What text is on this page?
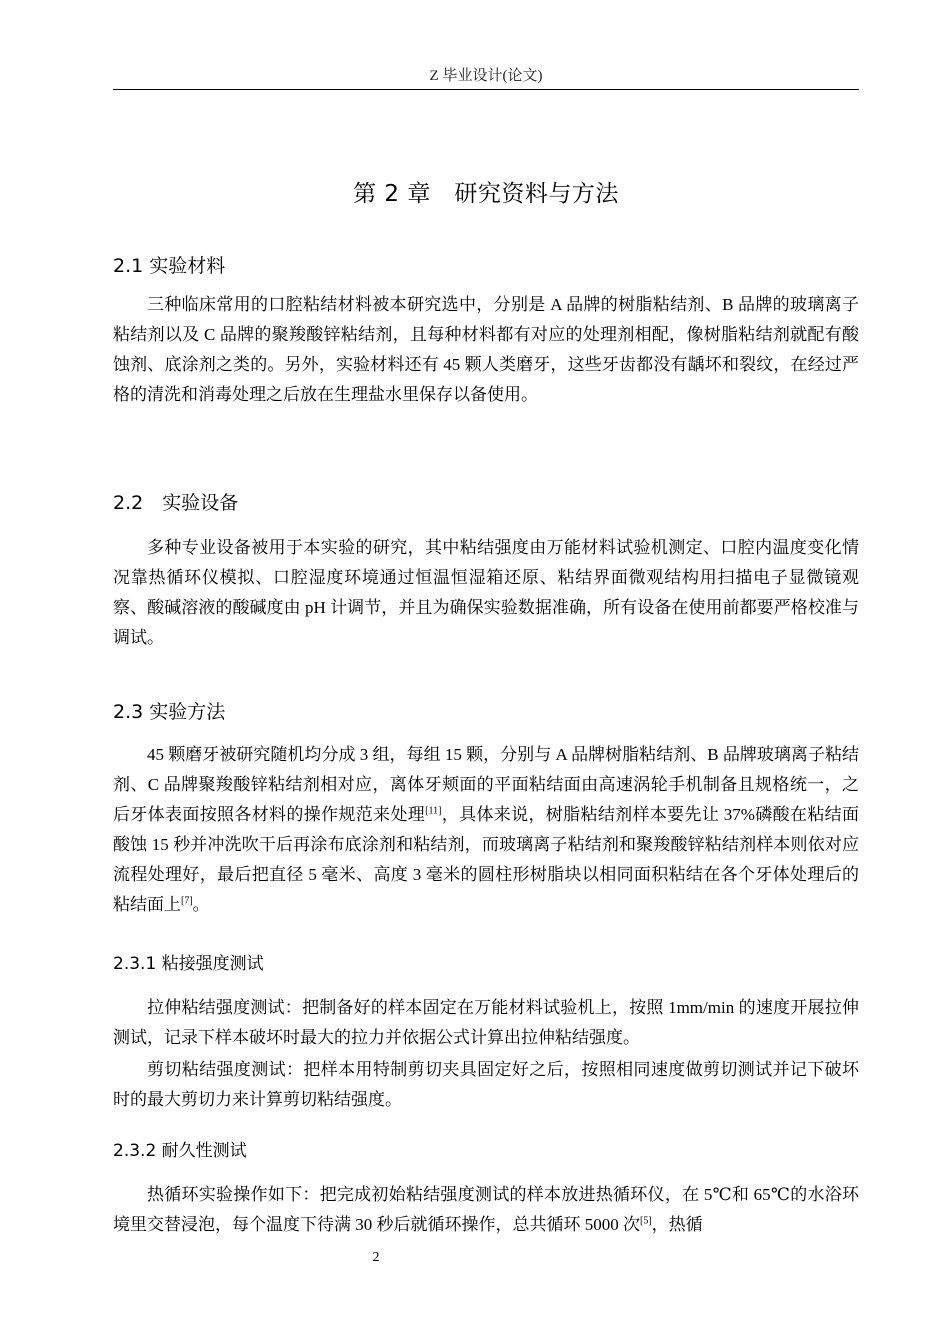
Z 毕业设计(论文)
第 2 章　研究资料与方法
2.1 实验材料

三种临床常用的口腔粘结材料被本研究选中，分别是 A 品牌的树脂粘结剂、B 品牌的玻璃离子粘结剂以及 C 品牌的聚羧酸锌粘结剂，且每种材料都有对应的处理剂相配，像树脂粘结剂就配有酸蚀剂、底涂剂之类的。另外，实验材料还有 45 颗人类磨牙，这些牙齿都没有龋坏和裂纹，在经过严格的清洗和消毒处理之后放在生理盐水里保存以备使用。

2.2　实验设备

多种专业设备被用于本实验的研究，其中粘结强度由万能材料试验机测定、口腔内温度变化情况靠热循环仪模拟、口腔湿度环境通过恒温恒湿箱还原、粘结界面微观结构用扫描电子显微镜观察、酸碱溶液的酸碱度由 pH 计调节，并且为确保实验数据准确，所有设备在使用前都要严格校准与调试。

2.3 实验方法

45 颗磨牙被研究随机均分成 3 组，每组 15 颗，分别与 A 品牌树脂粘结剂、B 品牌玻璃离子粘结剂、C 品牌聚羧酸锌粘结剂相对应，离体牙颊面的平面粘结面由高速涡轮手机制备且规格统一，之后牙体表面按照各材料的操作规范来处理[11]，具体来说，树脂粘结剂样本要先让 37%磷酸在粘结面酸蚀 15 秒并冲洗吹干后再涂布底涂剂和粘结剂，而玻璃离子粘结剂和聚羧酸锌粘结剂样本则依对应流程处理好，最后把直径 5 毫米、高度 3 毫米的圆柱形树脂块以相同面积粘结在各个牙体处理后的粘结面上[7]。

2.3.1 粘接强度测试

拉伸粘结强度测试：把制备好的样本固定在万能材料试验机上，按照 1mm/min 的速度开展拉伸测试，记录下样本破坏时最大的拉力并依据公式计算出拉伸粘结强度。

剪切粘结强度测试：把样本用特制剪切夹具固定好之后，按照相同速度做剪切测试并记下破坏时的最大剪切力来计算剪切粘结强度。

2.3.2 耐久性测试

热循环实验操作如下：把完成初始粘结强度测试的样本放进热循环仪，在 5℃和 65℃的水浴环境里交替浸泡，每个温度下待满 30 秒后就循环操作，总共循环 5000 次[5]，热循

2
